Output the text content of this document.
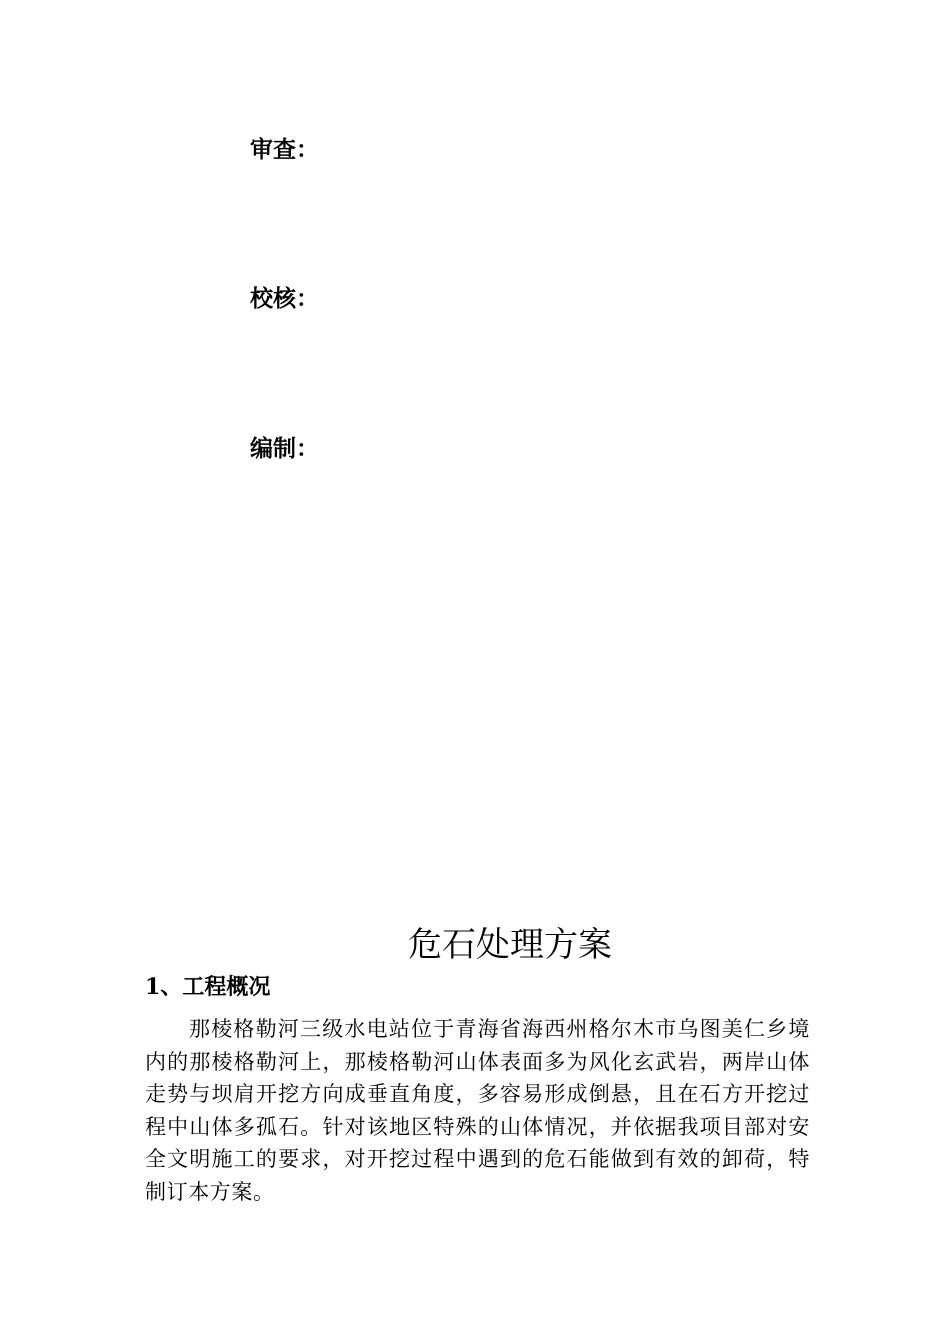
审查：
校核：
编制：
危石处理方案
1、工程概况

那棱格勒河三级水电站位于青海省海西州格尔木市乌图美仁乡境内的那棱格勒河上，那棱格勒河山体表面多为风化玄武岩，两岸山体走势与坝肩开挖方向成垂直角度，多容易形成倒悬，且在石方开挖过程中山体多孤石。针对该地区特殊的山体情况，并依据我项目部对安全文明施工的要求，对开挖过程中遇到的危石能做到有效的卸荷，特制订本方案。
